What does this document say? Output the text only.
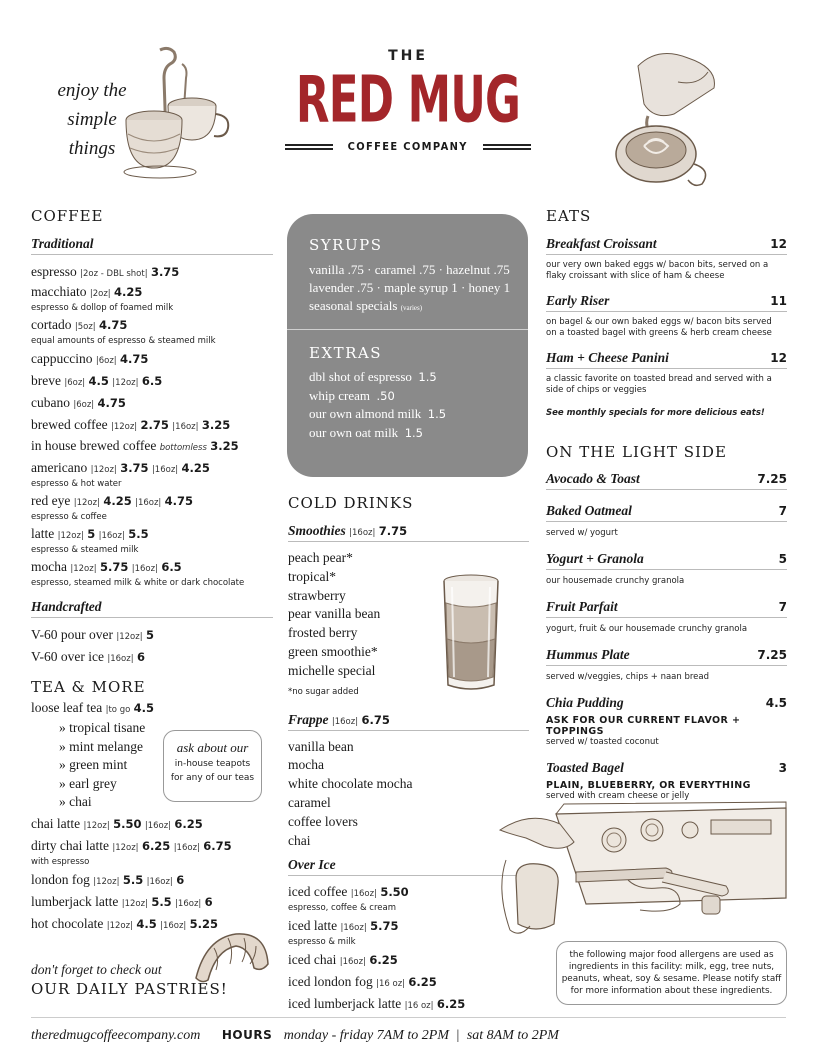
enjoy the
simple
things
THE
RED MUG
COFFEE COMPANY
COFFEE
Traditional
espresso |2oz - DBL shot| 3.75
macchiato |2oz| 4.25
espresso & dollop of foamed milk
cortado |5oz| 4.75
equal amounts of espresso & steamed milk
cappuccino |6oz| 4.75
breve |6oz| 4.5 |12oz| 6.5
cubano |6oz| 4.75
brewed coffee |12oz| 2.75 |16oz| 3.25
in house brewed coffee bottomless 3.25
americano |12oz| 3.75 |16oz| 4.25
espresso & hot water
red eye |12oz| 4.25 |16oz| 4.75
espresso & coffee
latte |12oz| 5 |16oz| 5.5
espresso & steamed milk
mocha |12oz| 5.75 |16oz| 6.5
espresso, steamed milk & white or dark chocolate
Handcrafted
V-60 pour over |12oz| 5
V-60 over ice |16oz| 6
TEA & MORE
loose leaf tea |to go 4.5
» tropical tisane
» mint melange
» green mint
» earl grey
» chai
chai latte |12oz| 5.50 |16oz| 6.25
dirty chai latte |12oz| 6.25 |16oz| 6.75
with espresso
london fog |12oz| 5.5 |16oz| 6
lumberjack latte |12oz| 5.5 |16oz| 6
hot chocolate |12oz| 4.5 |16oz| 5.25
ask about our
in-house teapots
for any of our teas
don't forget to check out
OUR DAILY PASTRIES!
SYRUPS
vanilla .75 · caramel .75 · hazelnut .75
lavender .75 · maple syrup 1 · honey 1
seasonal specials (varies)
EXTRAS
dbl shot of espresso 1.5
whip cream .50
our own almond milk 1.5
our own oat milk 1.5
COLD DRINKS
Smoothies |16oz| 7.75
peach pear*
tropical*
strawberry
pear vanilla bean
frosted berry
green smoothie*
michelle special
*no sugar added
Frappe |16oz| 6.75
vanilla bean
mocha
white chocolate mocha
caramel
coffee lovers
chai
Over Ice
iced coffee |16oz| 5.50
espresso, coffee & cream
iced latte |16oz| 5.75
espresso & milk
iced chai |16oz| 6.25
iced london fog |16 oz| 6.25
iced lumberjack latte |16 oz| 6.25
EATS
Breakfast Croissant	12
our very own baked eggs w/ bacon bits, served on a
flaky croissant with slice of ham & cheese
Early Riser	11
on bagel & our own baked eggs w/ bacon bits served
on a toasted bagel with greens & herb cream cheese
Ham + Cheese Panini	12
a classic favorite on toasted bread and served with a
side of chips or veggies
See monthly specials for more delicious eats!
ON THE LIGHT SIDE
Avocado & Toast	7.25
Baked Oatmeal	7
served w/ yogurt
Yogurt + Granola	5
our housemade crunchy granola
Fruit Parfait	7
yogurt, fruit & our housemade crunchy granola
Hummus Plate	7.25
served w/veggies, chips + naan bread
Chia Pudding	4.5
ASK FOR OUR CURRENT FLAVOR + TOPPINGS
served w/ toasted coconut
Toasted Bagel	3
PLAIN, BLUEBERRY, OR EVERYTHING
served with cream cheese or jelly
the following major food allergens are used as
ingredients in this facility: milk, egg, tree nuts,
peanuts, wheat, soy & sesame. Please notify staff
for more information about these ingredients.
theredmugcoffeecompany.com HOURS monday - friday 7AM to 2PM | sat 8AM to 2PM
